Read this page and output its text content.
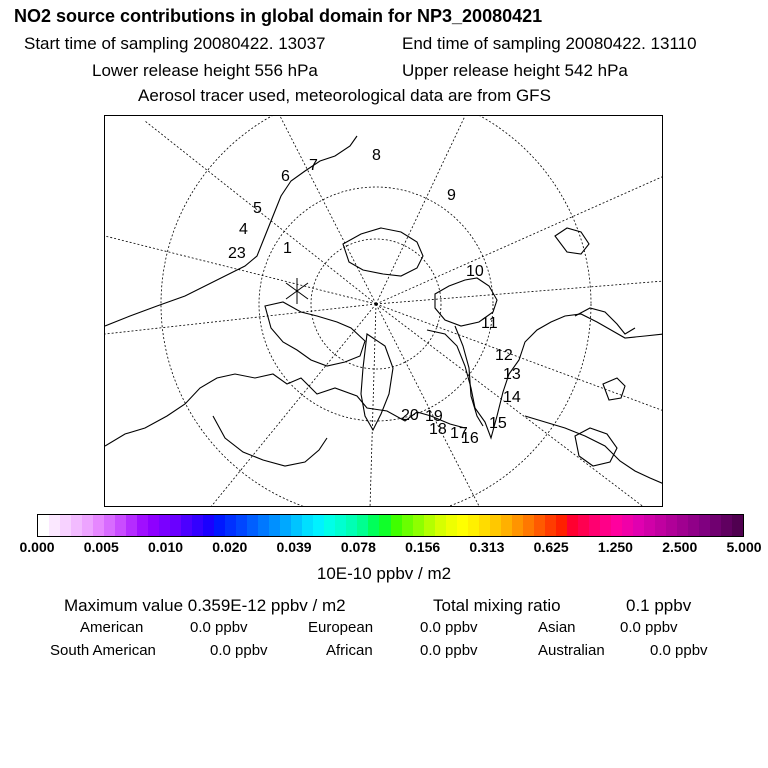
NO2 source contributions in global domain for NP3_20080421
Start time of sampling 20080422. 13037	End time of sampling 20080422. 13110
Lower release height 556 hPa	Upper release height 542 hPa
Aerosol tracer used, meteorological data are from GFS
1
4
5
6
7
8
9
10
11
12
13
14
15
16
17
18
19
20
23
0.000 0.005 0.010 0.020 0.039 0.078 0.156 0.313 0.625 1.250 2.500 5.000
10E-10 ppbv / m2
Maximum value 0.359E-12 ppbv / m2	Total mixing ratio	0.1 ppbv
American	0.0 ppbv	European	0.0 ppbv	Asian	0.0 ppbv
South American	0.0 ppbv	African	0.0 ppbv	Australian	0.0 ppbv
